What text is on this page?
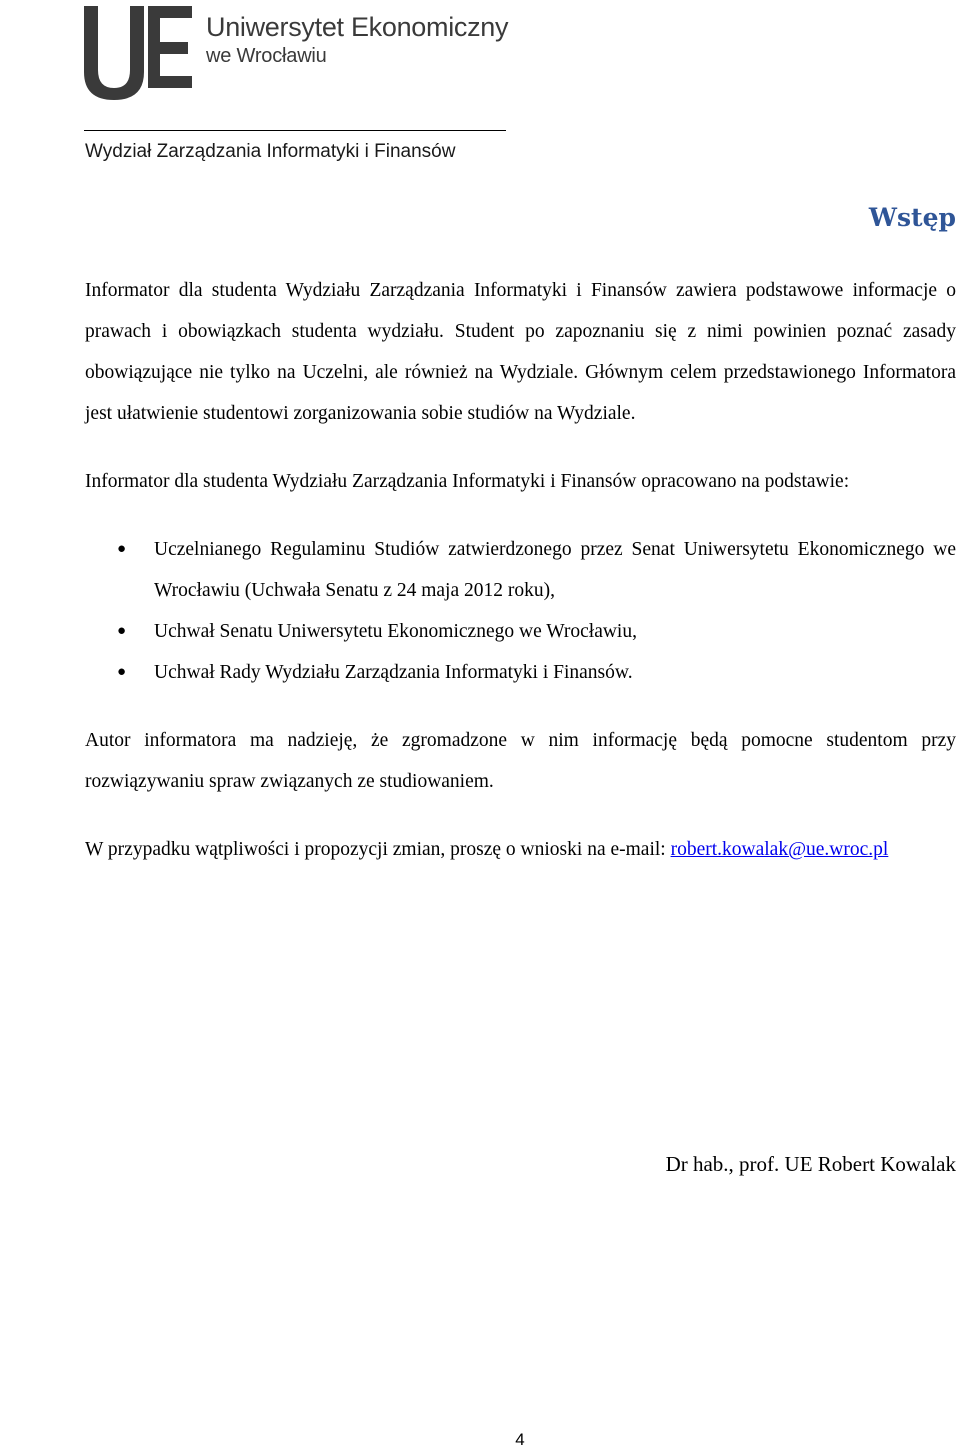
Uniwersytet Ekonomiczny
we Wrocławiu
Wydział Zarządzania Informatyki i Finansów
Wstęp

Informator dla studenta Wydziału Zarządzania Informatyki i Finansów zawiera podstawowe informacje o prawach i obowiązkach studenta wydziału. Student po zapoznaniu się z nimi powinien poznać zasady obowiązujące nie tylko na Uczelni, ale również na Wydziale. Głównym celem przedstawionego Informatora jest ułatwienie studentowi zorganizowania sobie studiów na Wydziale.

Informator dla studenta Wydziału Zarządzania Informatyki i Finansów opracowano na podstawie:

● Uczelnianego Regulaminu Studiów zatwierdzonego przez Senat Uniwersytetu Ekonomicznego we Wrocławiu (Uchwała Senatu z 24 maja 2012 roku),
● Uchwał Senatu Uniwersytetu Ekonomicznego we Wrocławiu,
● Uchwał Rady Wydziału Zarządzania Informatyki i Finansów.

Autor informatora ma nadzieję, że zgromadzone w nim informację będą pomocne studentom przy rozwiązywaniu spraw związanych ze studiowaniem.

W przypadku wątpliwości i propozycji zmian, proszę o wnioski na e-mail: robert.kowalak@ue.wroc.pl

Dr hab., prof. UE Robert Kowalak
4
